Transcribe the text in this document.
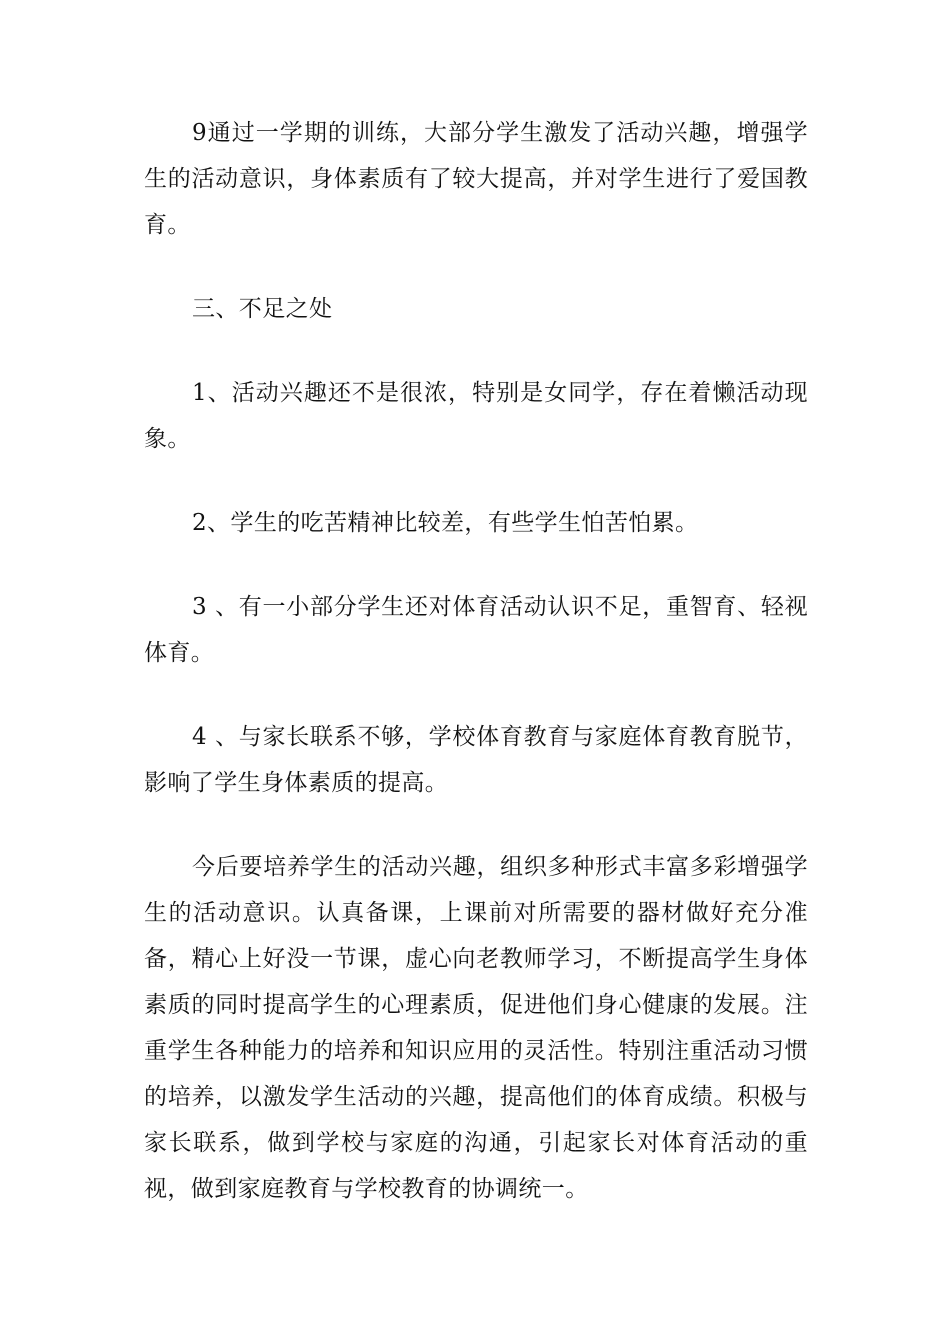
9通过一学期的训练，大部分学生激发了活动兴趣，增强学生的活动意识，身体素质有了较大提高，并对学生进行了爱国教育。

三、不足之处

1、活动兴趣还不是很浓，特别是女同学，存在着懒活动现象。

2、学生的吃苦精神比较差，有些学生怕苦怕累。

3 、有一小部分学生还对体育活动认识不足，重智育、轻视体育。

4 、与家长联系不够，学校体育教育与家庭体育教育脱节，影响了学生身体素质的提高。

今后要培养学生的活动兴趣，组织多种形式丰富多彩增强学生的活动意识。认真备课，上课前对所需要的器材做好充分准备，精心上好没一节课，虚心向老教师学习，不断提高学生身体素质的同时提高学生的心理素质，促进他们身心健康的发展。注重学生各种能力的培养和知识应用的灵活性。特别注重活动习惯的培养，以激发学生活动的兴趣，提高他们的体育成绩。积极与家长联系，做到学校与家庭的沟通，引起家长对体育活动的重视，做到家庭教育与学校教育的协调统一。
